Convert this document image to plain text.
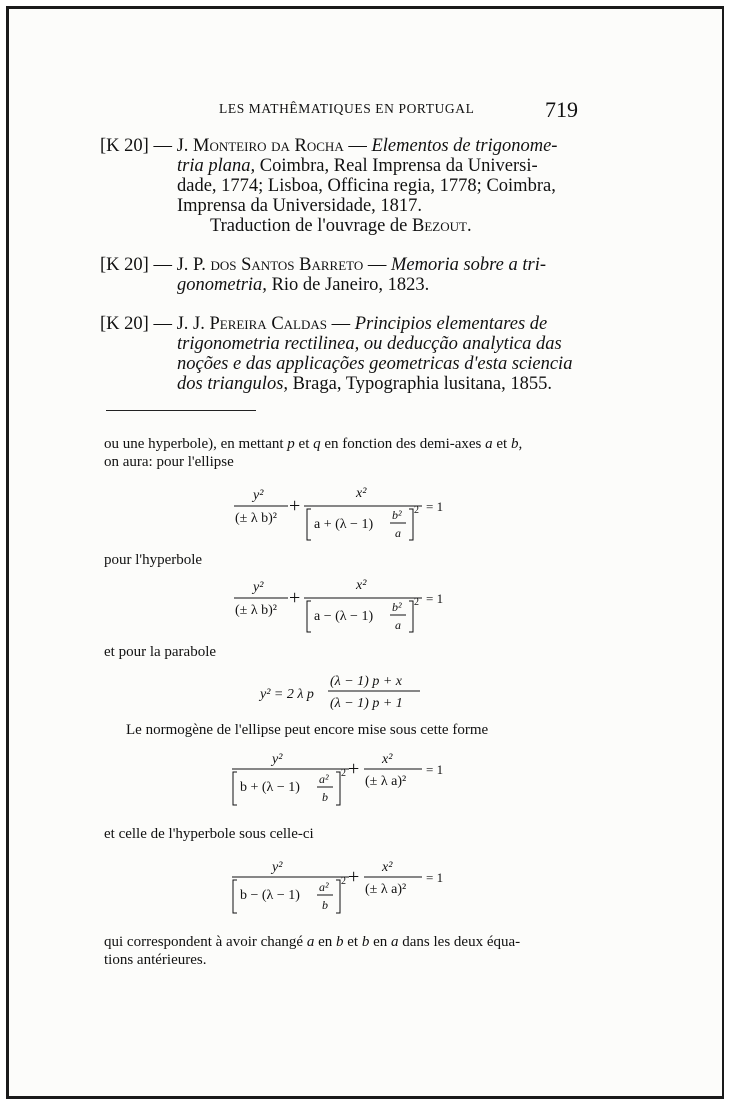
LES MATHÊMATIQUES EN PORTUGAL	719
[K 20] — J. Monteiro da Rocha — Elementos de trigonome-
tria plana, Coimbra, Real Imprensa da Universi-
dade, 1774; Lisboa, Officina regia, 1778; Coimbra,
Imprensa da Universidade, 1817.
Traduction de l'ouvrage de Bezout.
[K 20] — J. P. dos Santos Barreto — Memoria sobre a tri-
gonometria, Rio de Janeiro, 1823.
[K 20] — J. J. Pereira Caldas — Principios elementares de
trigonometria rectilinea, ou deducção analytica das
noções e das applicações geometricas d'esta sciencia
dos triangulos, Braga, Typographia lusitana, 1855.

ou une hyperbole), en mettant p et q en fonction des demi-axes a et b,
on aura: pour l'ellipse

y²
(± λ b)²
+
x²
a + (λ − 1)
b²
a
2 = 1

pour l'hyperbole

y²
(± λ b)²
+
x²
a − (λ − 1)
b²
a
2 = 1

et pour la parabole

y² = 2 λ p
(λ − 1) p + x
(λ − 1) p + 1

Le normogène de l'ellipse peut encore mise sous cette forme

y²
b + (λ − 1)
a²
b
2 + x²
(± λ a)²
= 1

et celle de l'hyperbole sous celle-ci

y²
b − (λ − 1)
a²
b
2 + x²
(± λ a)²
= 1

qui correspondent à avoir changé a en b et b en a dans les deux équa-
tions antérieures.
